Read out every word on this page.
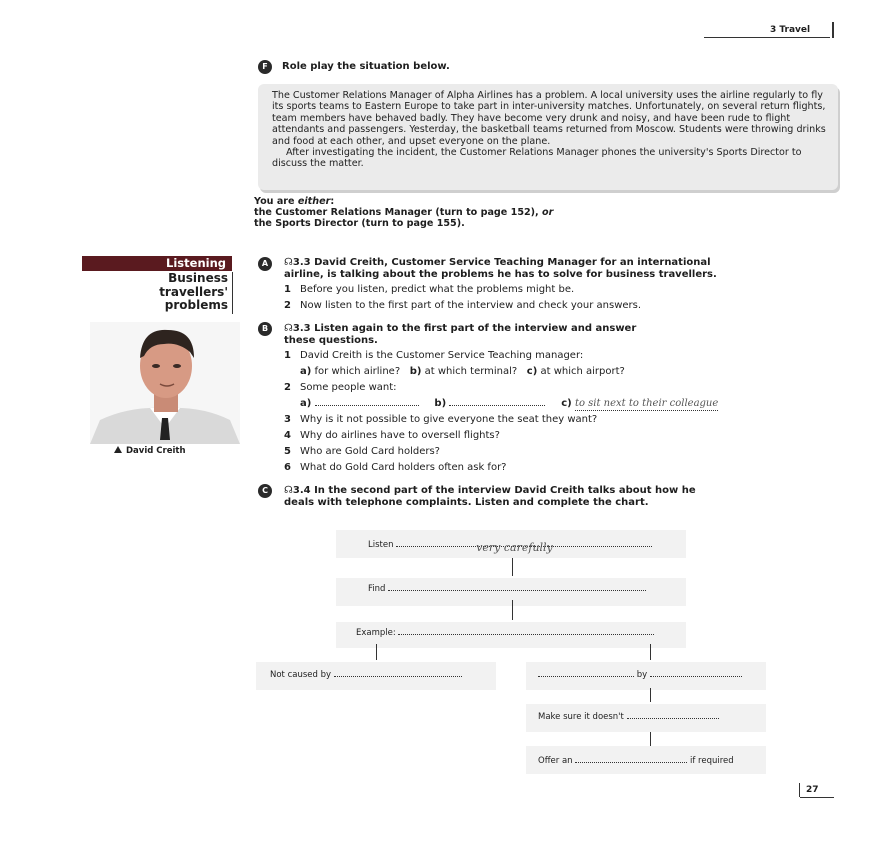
3 Travel
F	Role play the situation below.

The Customer Relations Manager of Alpha Airlines has a problem. A local university uses the airline regularly to fly its sports teams to Eastern Europe to take part in inter-university matches. Unfortunately, on several return flights, team members have behaved badly. They have become very drunk and noisy, and have been rude to flight attendants and passengers. Yesterday, the basketball teams returned from Moscow. Students were throwing drinks and food at each other, and upset everyone on the plane.

After investigating the incident, the Customer Relations Manager phones the university's Sports Director to discuss the matter.

You are either:
the Customer Relations Manager (turn to page 152), or
the Sports Director (turn to page 155).
Listening
Business
travellers'
problems
David Creith
A	☊3.3 David Creith, Customer Service Teaching Manager for an international
airline, is talking about the problems he has to solve for business travellers.
1 Before you listen, predict what the problems might be.
2 Now listen to the first part of the interview and check your answers.
B	☊3.3 Listen again to the first part of the interview and answer
these questions.
1 David Creith is the Customer Service Teaching manager:
a) for which airline? b) at which terminal? c) at which airport?
2 Some people want:
a)	b)	c) to sit next to their colleague
3 Why is it not possible to give everyone the seat they want?
4 Why do airlines have to oversell flights?
5 Who are Gold Card holders?
6 What do Gold Card holders often ask for?
C	☊3.4 In the second part of the interview David Creith talks about how he
deals with telephone complaints. Listen and complete the chart.
Listen	very carefully
Find
Example:
Not caused by	by
Make sure it doesn't
Offer an	if required
27
